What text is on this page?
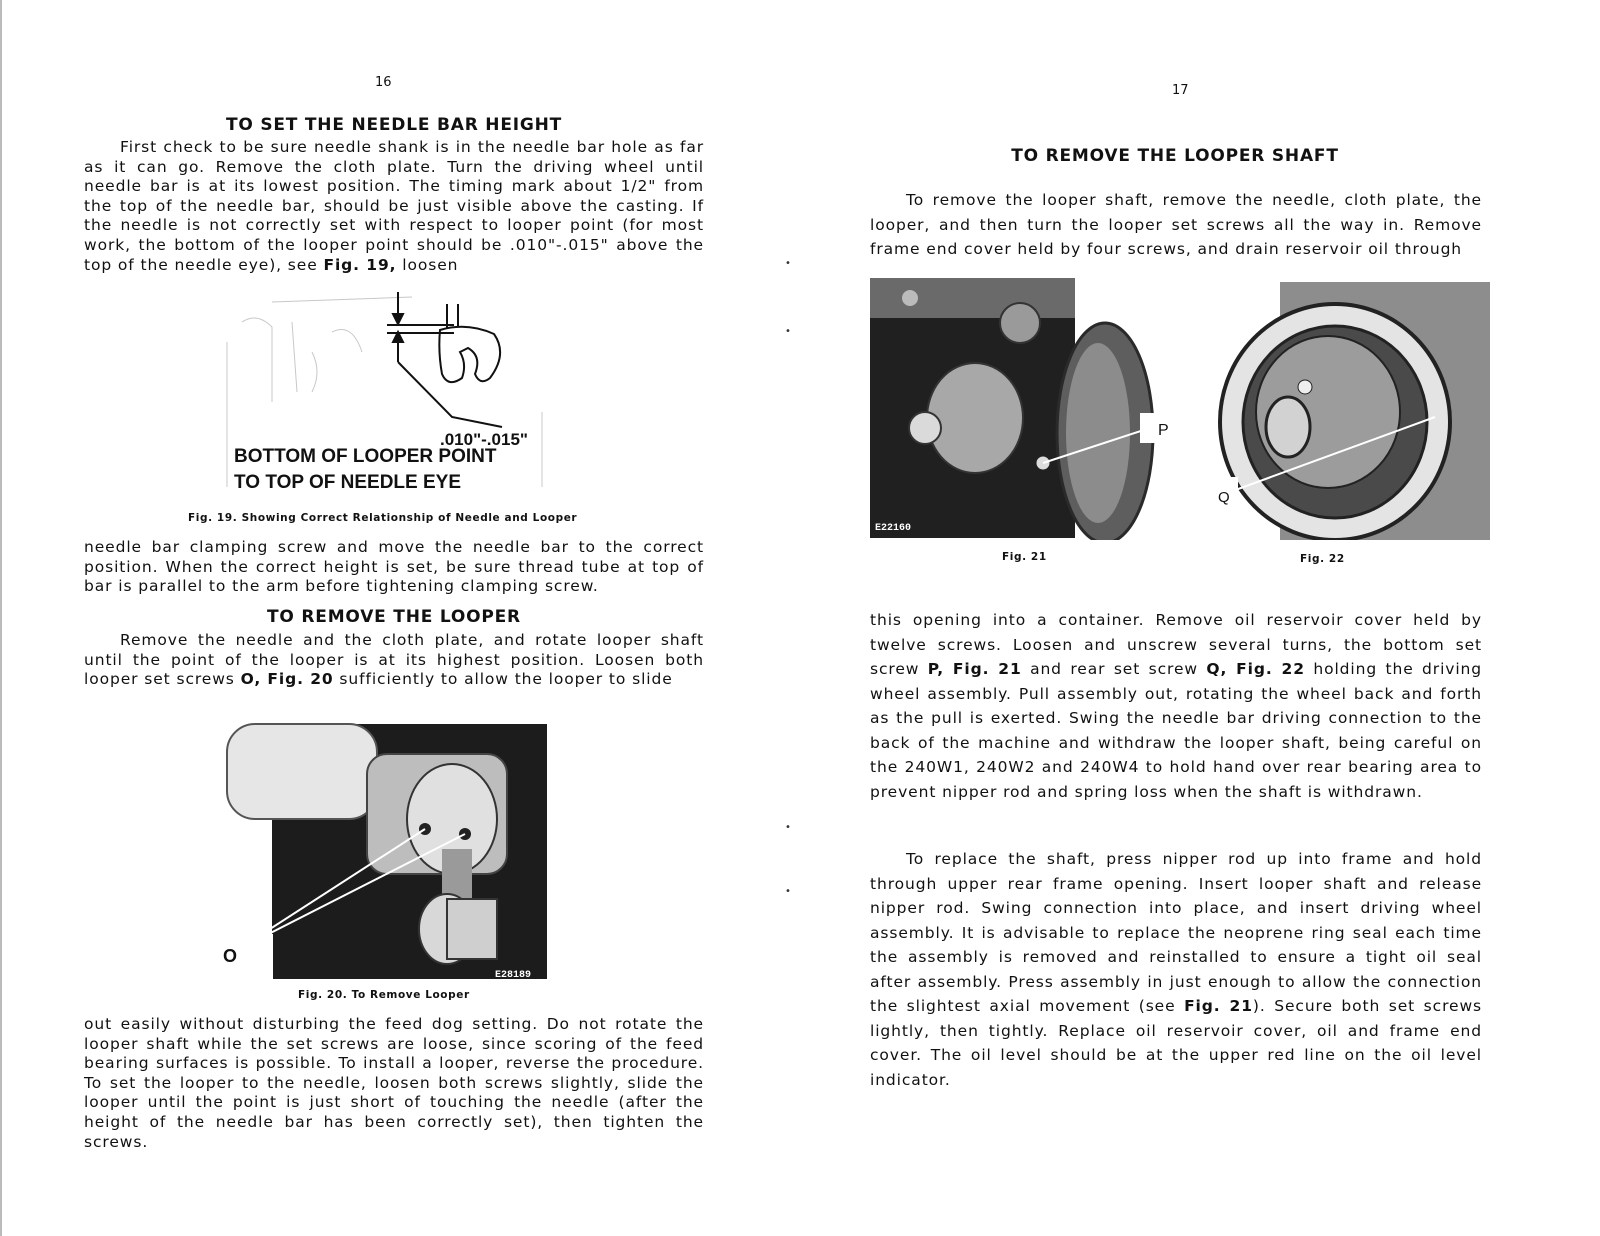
16
TO SET THE NEEDLE BAR HEIGHT

First check to be sure needle shank is in the needle bar hole as far as it can go. Remove the cloth plate. Turn the driving wheel until needle bar is at its lowest position. The timing mark about 1/2" from the top of the needle bar, should be just visible above the casting. If the needle is not correctly set with respect to looper point (for most work, the bottom of the looper point should be .010"-.015" above the top of the needle eye), see Fig. 19, loosen

.010"-.015"
BOTTOM OF LOOPER POINT
TO TOP OF NEEDLE EYE
Fig. 19. Showing Correct Relationship of Needle and Looper

needle bar clamping screw and move the needle bar to the correct position. When the correct height is set, be sure thread tube at top of bar is parallel to the arm before tightening clamping screw.

TO REMOVE THE LOOPER

Remove the needle and the cloth plate, and rotate looper shaft until the point of the looper is at its highest position. Loosen both looper set screws O, Fig. 20 sufficiently to allow the looper to slide

O
E28189
Fig. 20. To Remove Looper

out easily without disturbing the feed dog setting. Do not rotate the looper shaft while the set screws are loose, since scoring of the feed bearing surfaces is possible. To install a looper, reverse the procedure. To set the looper to the needle, loosen both screws slightly, slide the looper until the point is just short of touching the needle (after the height of the needle bar has been correctly set), then tighten the screws.

•
•
•
•
17
TO REMOVE THE LOOPER SHAFT

To remove the looper shaft, remove the needle, cloth plate, the looper, and then turn the looper set screws all the way in. Remove frame end cover held by four screws, and drain reservoir oil through

P
E22160
Fig. 21
Q
Fig. 22

this opening into a container. Remove oil reservoir cover held by twelve screws. Loosen and unscrew several turns, the bottom set screw P, Fig. 21 and rear set screw Q, Fig. 22 holding the driving wheel assembly. Pull assembly out, rotating the wheel back and forth as the pull is exerted. Swing the needle bar driving connection to the back of the machine and withdraw the looper shaft, being careful on the 240W1, 240W2 and 240W4 to hold hand over rear bearing area to prevent nipper rod and spring loss when the shaft is withdrawn.

To replace the shaft, press nipper rod up into frame and hold through upper rear frame opening. Insert looper shaft and release nipper rod. Swing connection into place, and insert driving wheel assembly. It is advisable to replace the neoprene ring seal each time the assembly is removed and reinstalled to ensure a tight oil seal after assembly. Press assembly in just enough to allow the connection the slightest axial movement (see Fig. 21). Secure both set screws lightly, then tightly. Replace oil reservoir cover, oil and frame end cover. The oil level should be at the upper red line on the oil level indicator.
